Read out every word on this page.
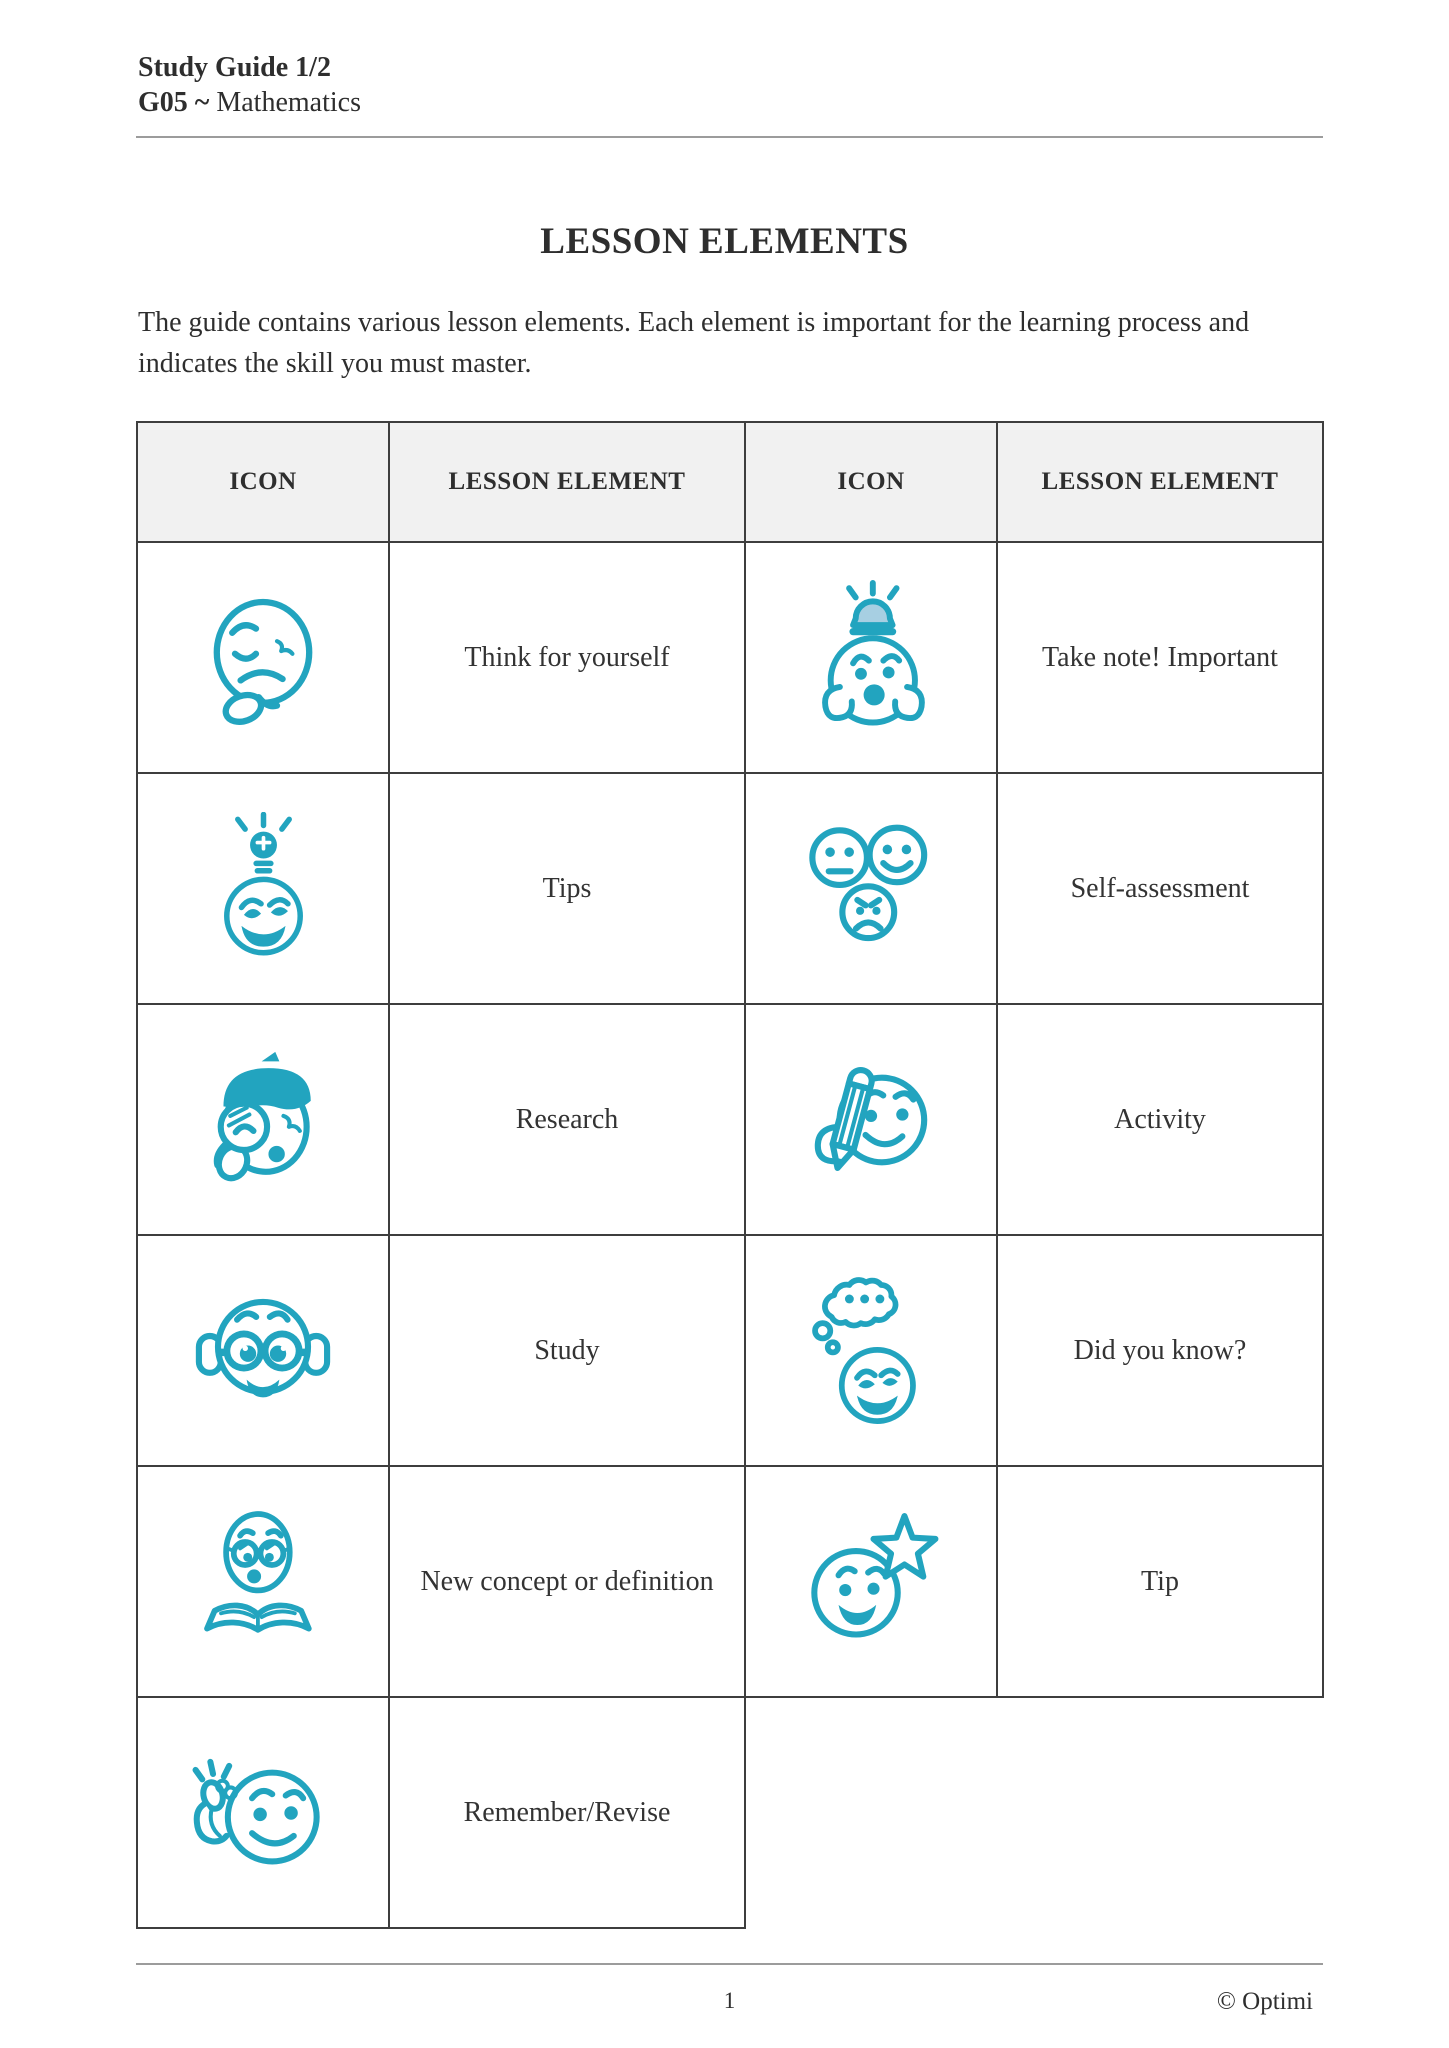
Study Guide 1/2
G05 ~ Mathematics
LESSON ELEMENTS
The guide contains various lesson elements. Each element is important for the learning process and indicates the skill you must master.
ICON	LESSON ELEMENT	ICON	LESSON ELEMENT

	Think for yourself		Take note! Important

	Tips		Self-assessment

	Research		Activity

	Study		Did you know?

	New concept or definition		Tip

	Remember/Revise		
1	© Optimi
